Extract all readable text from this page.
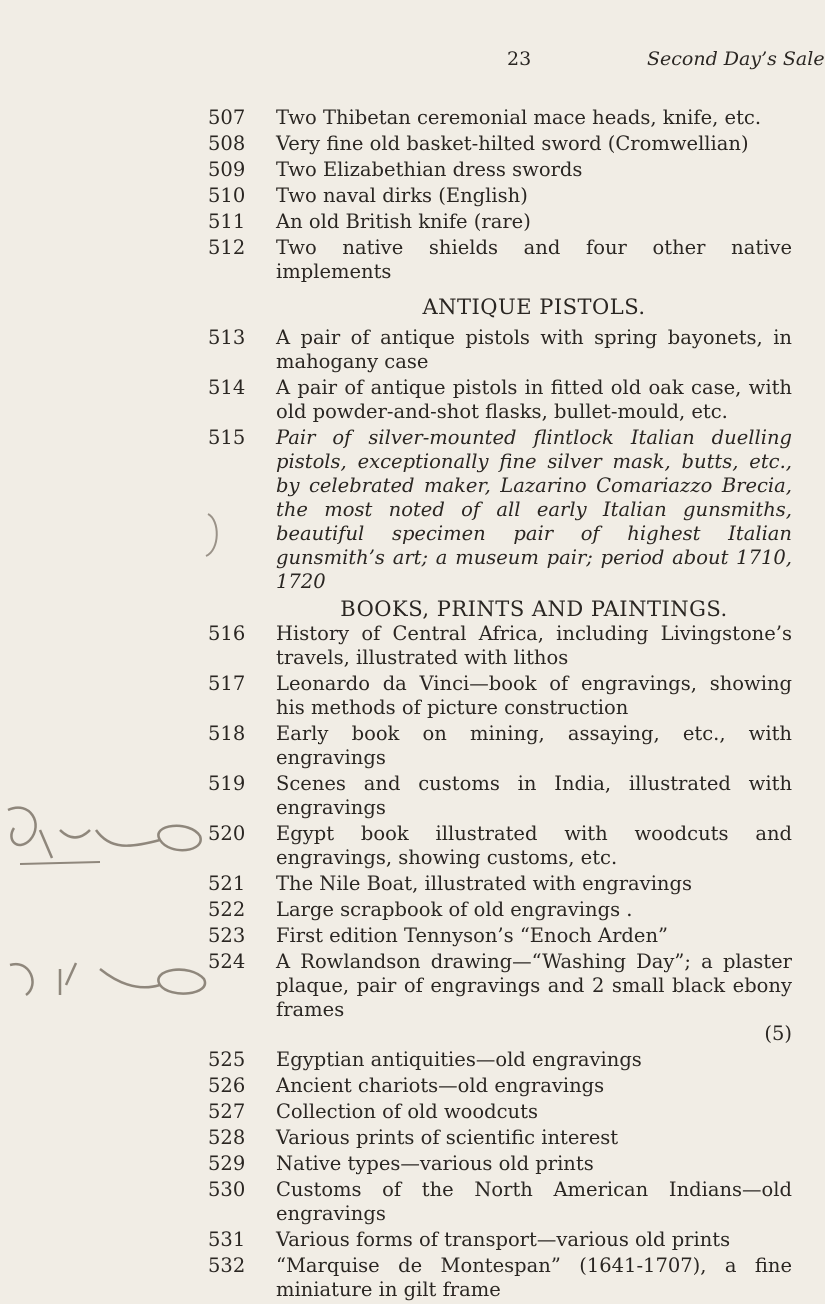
23	Second Day’s Sale
507	Two Thibetan ceremonial mace heads, knife, etc.
508	Very fine old basket-hilted sword (Cromwellian)
509	Two Elizabethian dress swords
510	Two naval dirks (English)
511	An old British knife (rare)
512	Two native shields and four other native implements
ANTIQUE PISTOLS.
513	A pair of antique pistols with spring bayonets, in mahogany case
514	A pair of antique pistols in fitted old oak case, with old powder-and-shot flasks, bullet-mould, etc.
515	Pair of silver-mounted flintlock Italian duelling pistols, exceptionally fine silver mask, butts, etc., by celebrated maker, Lazarino Comariazzo Brecia, the most noted of all early Italian gunsmiths, beautiful specimen pair of highest Italian gunsmith’s art; a museum pair; period about 1710, 1720
BOOKS, PRINTS AND PAINTINGS.
516	History of Central Africa, including Livingstone’s travels, illustrated with lithos
517	Leonardo da Vinci—book of engravings, showing his methods of picture construction
518	Early book on mining, assaying, etc., with engravings
519	Scenes and customs in India, illustrated with engravings
520	Egypt book illustrated with woodcuts and engravings, showing customs, etc.
521	The Nile Boat, illustrated with engravings
522	Large scrapbook of old engravings .
523	First edition Tennyson’s “Enoch Arden”
524	A Rowlandson drawing—“Washing Day”; a plaster plaque, pair of engravings and 2 small black ebony frames
(5)
525	Egyptian antiquities—old engravings
526	Ancient chariots—old engravings
527	Collection of old woodcuts
528	Various prints of scientific interest
529	Native types—various old prints
530	Customs of the North American Indians—old engravings
531	Various forms of transport—various old prints
532	“Marquise de Montespan” (1641-1707), a fine miniature in gilt frame
